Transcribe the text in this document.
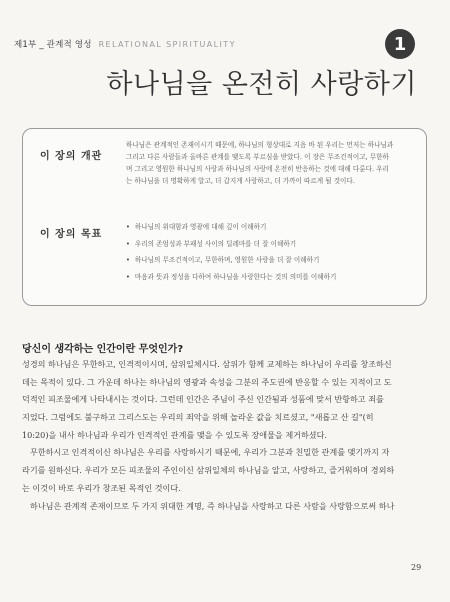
제1부 _ 관계적 영성 RELATIONAL SPIRITUALITY	1
하나님을 온전히 사랑하기
이 장의 개관
하나님은 관계적인 존재이시기 때문에, 하나님의 형상대로 지음 바 된 우리는 먼저는 하나님과
그리고 다른 사람들과 올바른 관계를 맺도록 부르심을 받았다. 이 장은 무조건적이고, 무한하
며 그리고 영원한 하나님의 사랑과 하나님의 사랑에 온전히 반응하는 것에 대해 다룬다. 우리
는 하나님을 더 명확하게 알고, 더 갑지게 사랑하고, 더 가까이 따르게 될 것이다.
이 장의 목표
• 하나님의 위대함과 영광에 대해 깊이 이해하기
• 우리의 존엄성과 부패성 사이의 딜레마를 더 잘 이해하기
• 하나님의 무조건적이고, 무한하며, 영원한 사랑을 더 잘 이해하기
• 마음과 뜻과 정성을 다하여 하나님을 사랑한다는 것의 의미를 이해하기
당신이 생각하는 인간이란 무엇인가?
성경의 하나님은 무한하고, 인격적이시며, 삼위일체시다. 삼위가 함께 교제하는 하나님이 우리를 창조하신
데는 목적이 있다. 그 가운데 하나는 하나님의 영광과 속성을 그분의 주도권에 반응할 수 있는 지적이고 도
덕적인 피조물에게 나타내시는 것이다. 그런데 인간은 주님이 주신 인간됨과 성품에 맞서 반항하고 죄를
지었다. 그럼에도 불구하고 그리스도는 우리의 죄악을 위해 놀라운 값을 치르셨고, "새롭고 산 길"(히
10:20)을 내사 하나님과 우리가 인격적인 관계를 맺을 수 있도록 장애물을 제거하셨다.
무한하시고 인격적이신 하나님은 우리를 사랑하시기 때문에, 우리가 그분과 친밀한 관계를 맺기까지 자
라기를 원하신다. 우리가 모든 피조물의 주인이신 삼위일체의 하나님을 알고, 사랑하고, 즐거워하며 경외하
는 이것이 바로 우리가 창조된 목적인 것이다.
하나님은 관계적 존재이므로 두 가지 위대한 계명, 즉 하나님을 사랑하고 다른 사람을 사랑함으로써 하나
29
